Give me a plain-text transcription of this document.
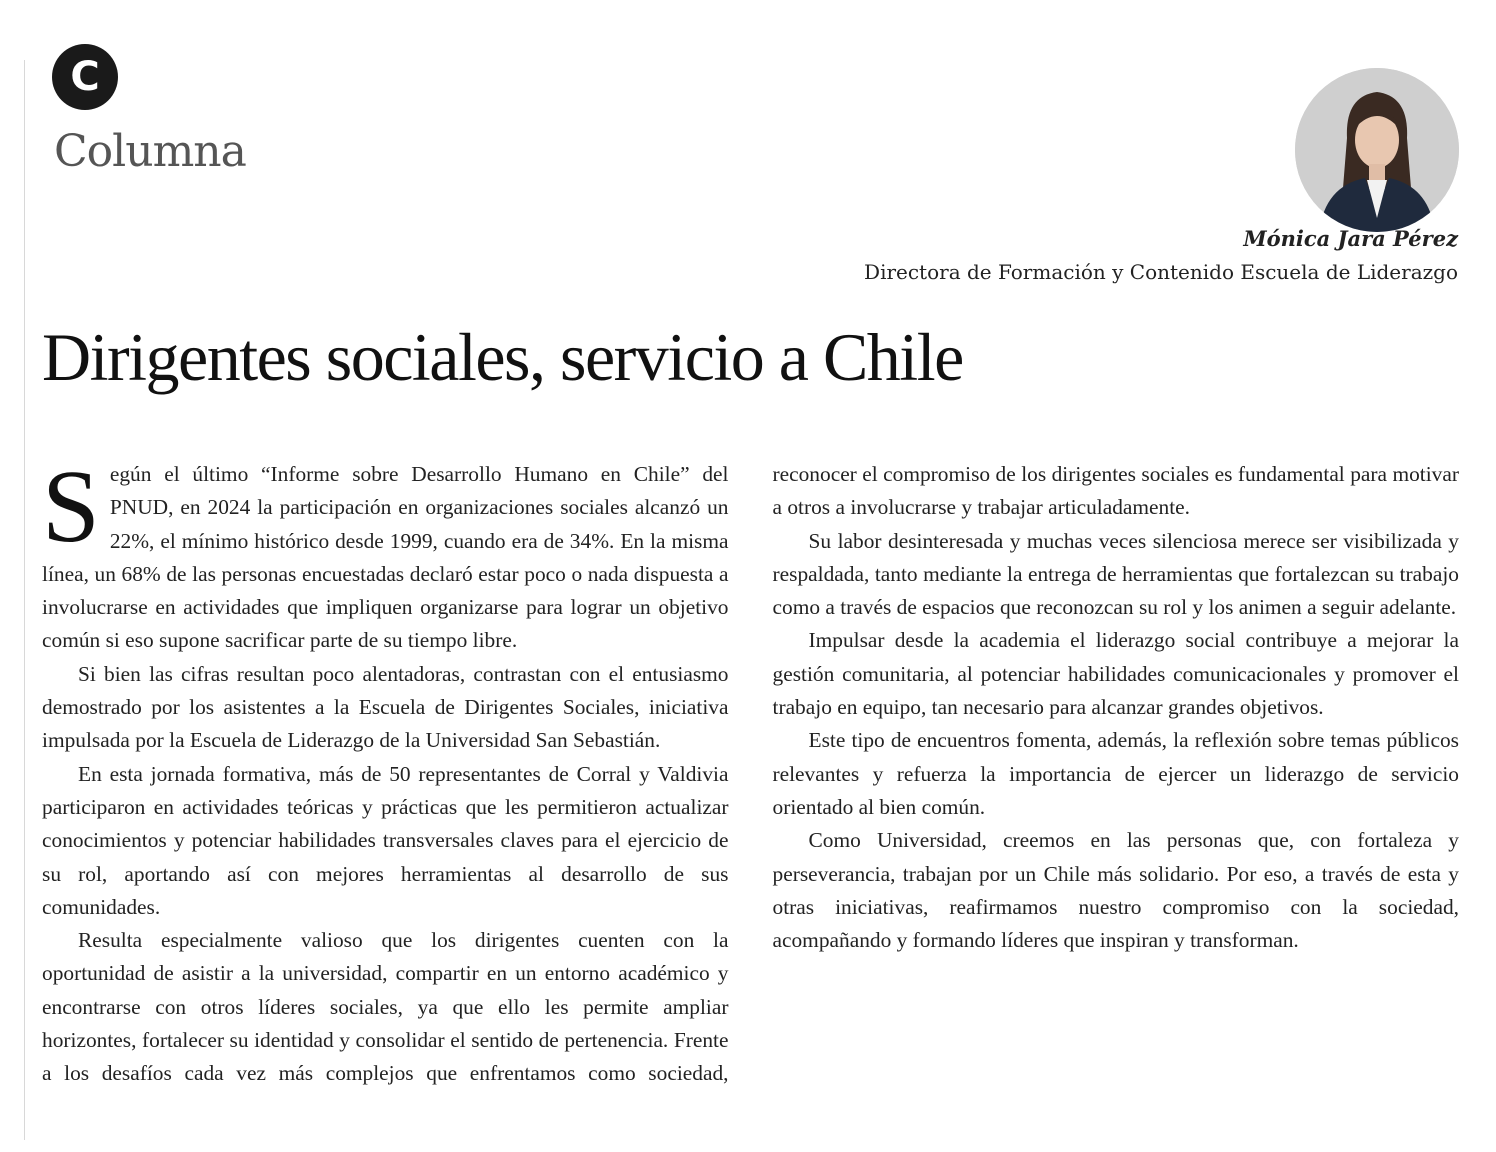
C
Columna
Mónica Jara Pérez
Directora de Formación y Contenido Escuela de Liderazgo
Dirigentes sociales, servicio a Chile

Según el último “Informe sobre Desarrollo Humano en Chile” del PNUD, en 2024 la participación en organizaciones sociales alcanzó un 22%, el mínimo histórico desde 1999, cuando era de 34%. En la misma línea, un 68% de las personas encuestadas declaró estar poco o nada dispuesta a involucrarse en actividades que impliquen organizarse para lograr un objetivo común si eso supone sacrificar parte de su tiempo libre.

Si bien las cifras resultan poco alentadoras, contrastan con el entusiasmo demostrado por los asistentes a la Escuela de Dirigentes Sociales, iniciativa impulsada por la Escuela de Liderazgo de la Universidad San Sebastián.

En esta jornada formativa, más de 50 representantes de Corral y Valdivia participaron en actividades teóricas y prácticas que les permitieron actualizar conocimientos y potenciar habilidades transversales claves para el ejercicio de su rol, aportando así con mejores herramientas al desarrollo de sus comunidades.

Resulta especialmente valioso que los dirigentes cuenten con la oportunidad de asistir a la universidad, compartir en un entorno académico y encontrarse con otros líderes sociales, ya que ello les permite ampliar horizontes, fortalecer su identidad y consolidar el sentido de pertenencia. Frente a los desafíos cada vez más complejos que enfrentamos como sociedad, reconocer el compromiso de los dirigentes sociales es fundamental para motivar a otros a involucrarse y trabajar articuladamente.

Su labor desinteresada y muchas veces silenciosa merece ser visibilizada y respaldada, tanto mediante la entrega de herramientas que fortalezcan su trabajo como a través de espacios que reconozcan su rol y los animen a seguir adelante.

Impulsar desde la academia el liderazgo social contribuye a mejorar la gestión comunitaria, al potenciar habilidades comunicacionales y promover el trabajo en equipo, tan necesario para alcanzar grandes objetivos.

Este tipo de encuentros fomenta, además, la reflexión sobre temas públicos relevantes y refuerza la importancia de ejercer un liderazgo de servicio orientado al bien común.

Como Universidad, creemos en las personas que, con fortaleza y perseverancia, trabajan por un Chile más solidario. Por eso, a través de esta y otras iniciativas, reafirmamos nuestro compromiso con la sociedad, acompañando y formando líderes que inspiran y transforman.
